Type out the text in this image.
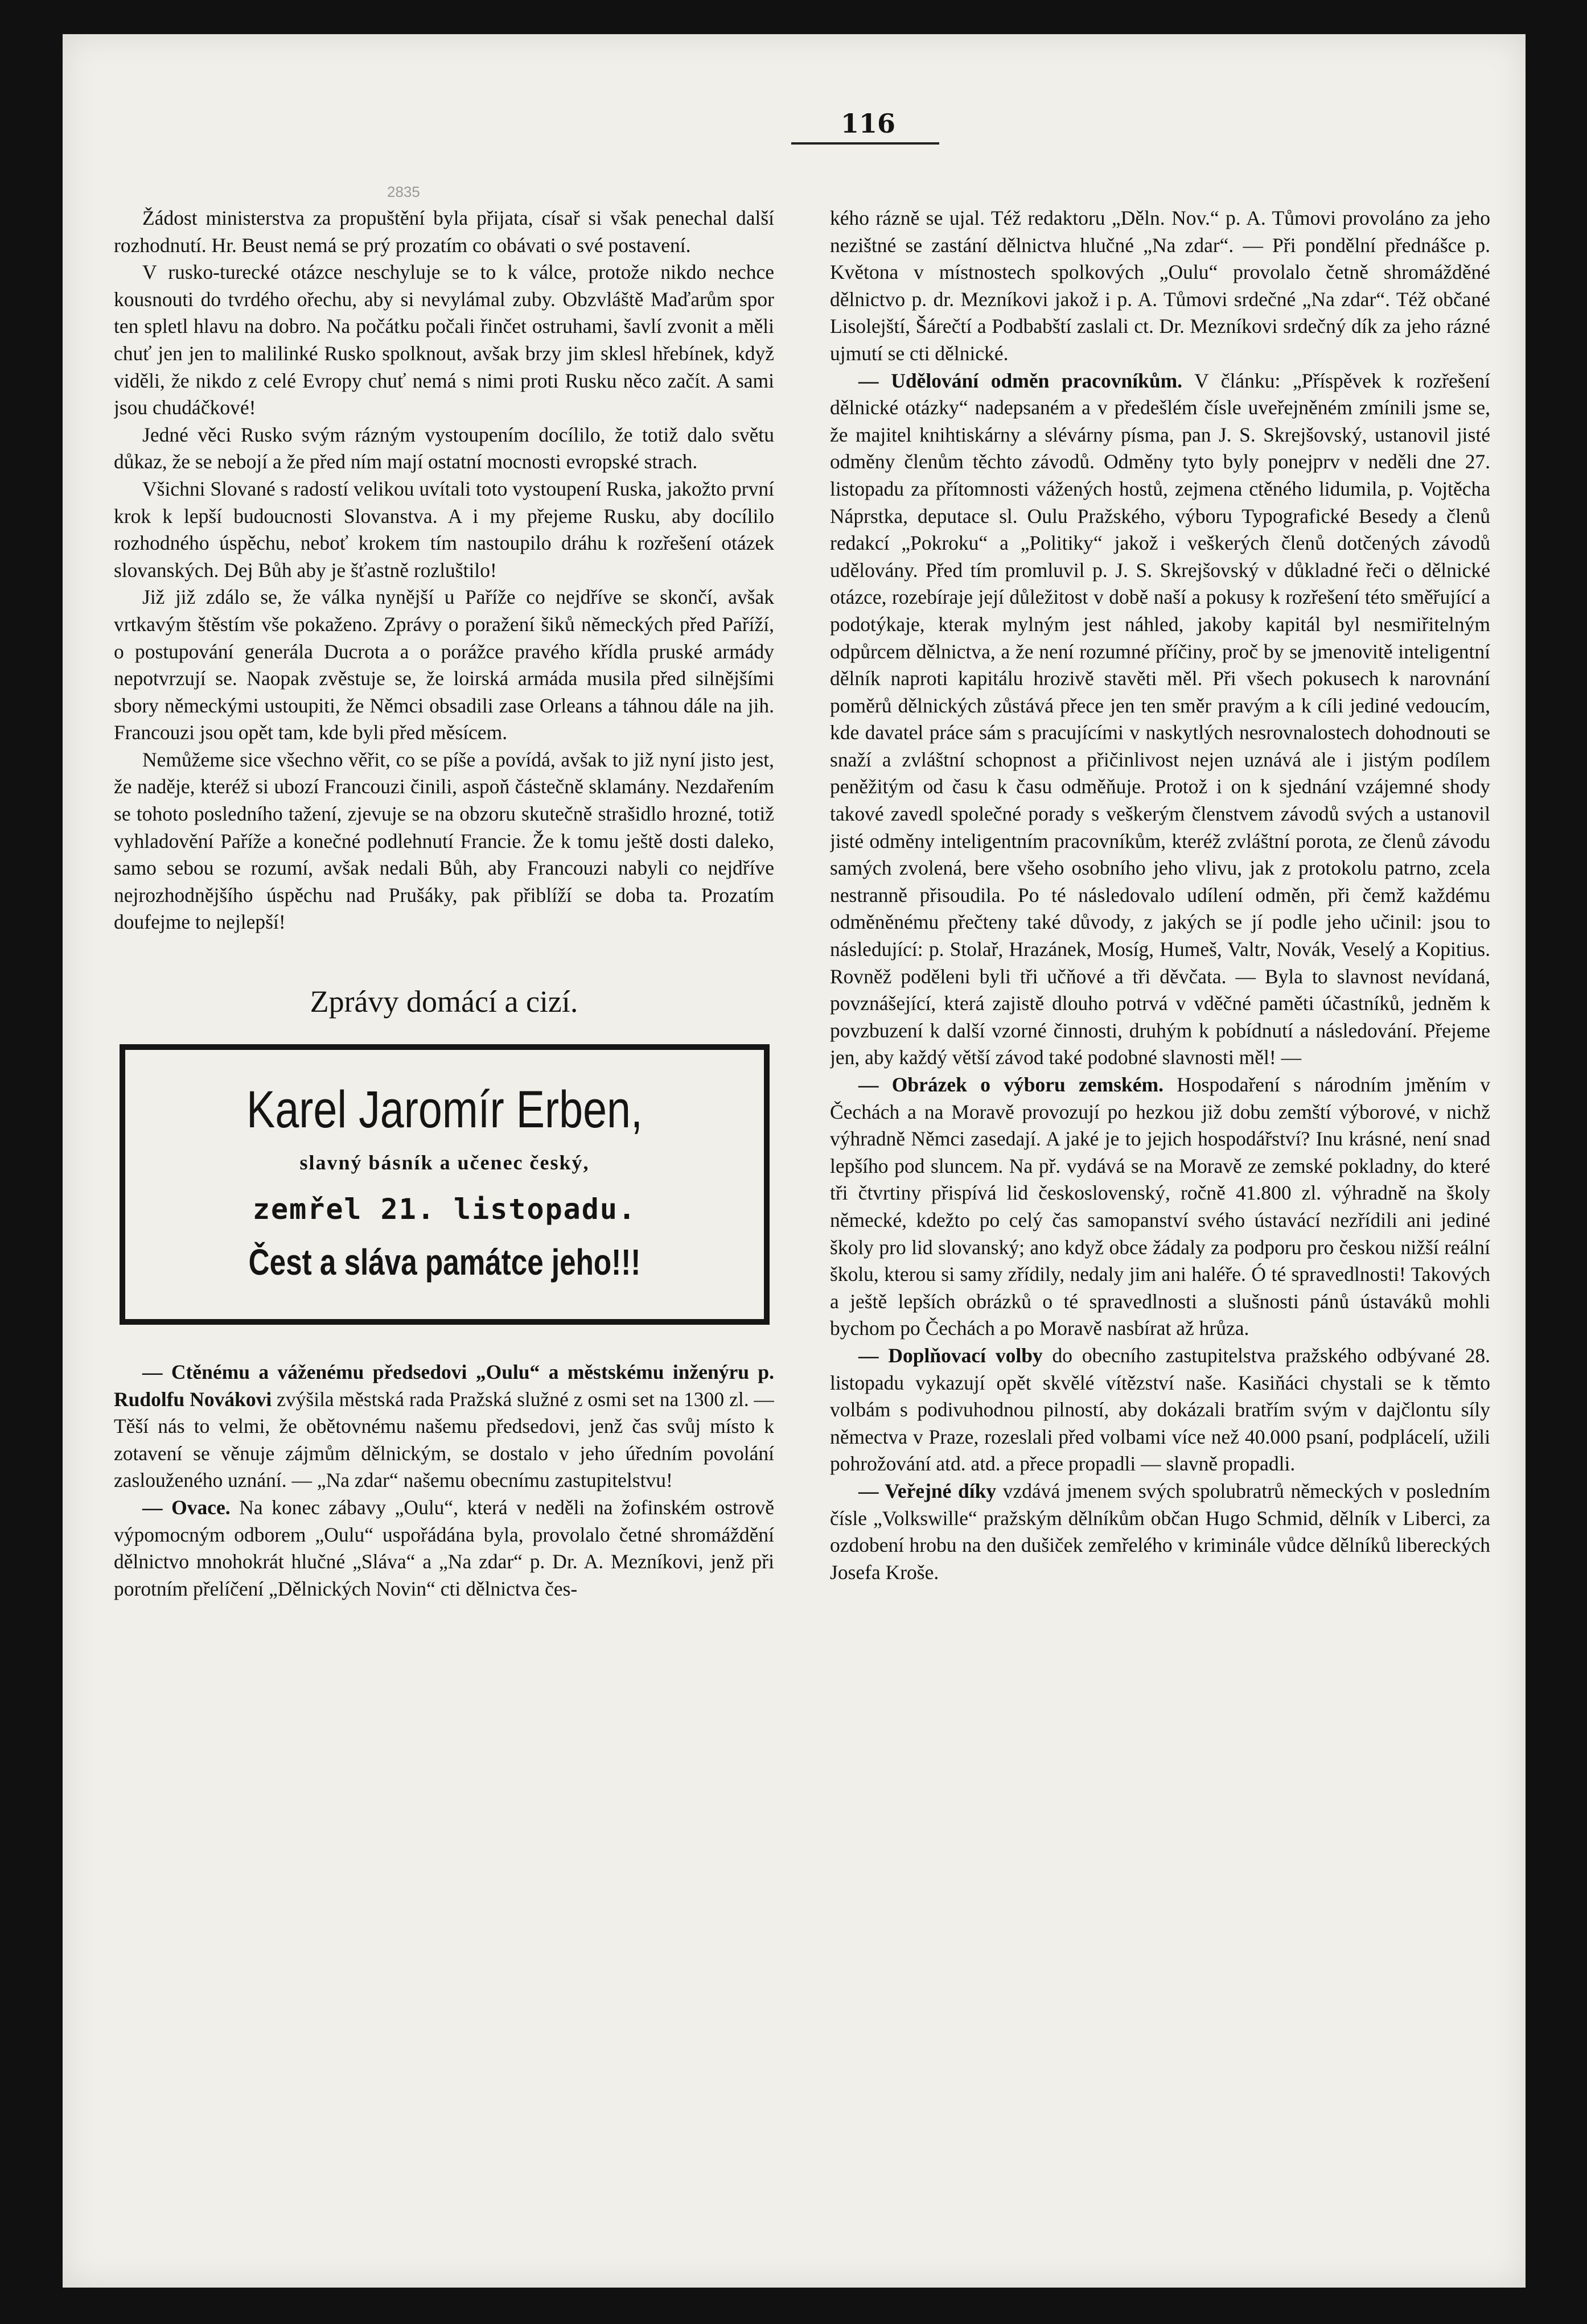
2835
116

Žádost ministerstva za propuštění byla přijata, císař si však penechal další rozhodnutí. Hr. Beust nemá se prý prozatím co obávati o své postavení.

V rusko-turecké otázce neschyluje se to k válce, protože nikdo nechce kousnouti do tvrdého ořechu, aby si nevylámal zuby. Obzvláště Maďarům spor ten spletl hlavu na dobro. Na počátku počali řinčet ostruhami, šavlí zvonit a měli chuť jen jen to malilinké Rusko spolknout, avšak brzy jim sklesl hřebínek, když viděli, že nikdo z celé Evropy chuť nemá s nimi proti Rusku něco začít. A sami jsou chudáčkové!

Jedné věci Rusko svým rázným vystoupením docílilo, že totiž dalo světu důkaz, že se nebojí a že před ním mají ostatní mocnosti evropské strach.

Všichni Slované s radostí velikou uvítali toto vystoupení Ruska, jakožto první krok k lepší budoucnosti Slovanstva. A i my přejeme Rusku, aby docílilo rozhodného úspěchu, neboť krokem tím nastoupilo dráhu k rozřešení otázek slovanských. Dej Bůh aby je šťastně rozluštilo!

Již již zdálo se, že válka nynější u Paříže co nejdříve se skončí, avšak vrtkavým štěstím vše pokaženo. Zprávy o poražení šiků německých před Paříží, o postupování generála Ducrota a o porážce pravého křídla pruské armády nepotvrzují se. Naopak zvěstuje se, že loirská armáda musila před silnějšími sbory německými ustoupiti, že Němci obsadili zase Orleans a táhnou dále na jih. Francouzi jsou opět tam, kde byli před měsícem.

Nemůžeme sice všechno věřit, co se píše a povídá, avšak to již nyní jisto jest, že naděje, kteréž si ubozí Francouzi činili, aspoň částečně sklamány. Nezdařením se tohoto posledního tažení, zjevuje se na obzoru skutečně strašidlo hrozné, totiž vyhladovění Paříže a konečné podlehnutí Francie. Že k tomu ještě dosti daleko, samo sebou se rozumí, avšak nedali Bůh, aby Francouzi nabyli co nejdříve nejrozhodnějšího úspěchu nad Prušáky, pak přiblíží se doba ta. Prozatím doufejme to nejlepší!

Zprávy domácí a cizí.
Karel Jaromír Erben,
slavný básník a učenec český,
zemřel 21. listopadu.
Čest a sláva památce jeho!!!

— Ctěnému a váženému předsedovi „Oulu“ a městskému inženýru p. Rudolfu Novákovi zvýšila městská rada Pražská služné z osmi set na 1300 zl. — Těší nás to velmi, že obětovnému našemu předsedovi, jenž čas svůj místo k zotavení se věnuje zájmům dělnickým, se dostalo v jeho úředním povolání zaslouženého uznání. — „Na zdar“ našemu obecnímu zastupitelstvu!

— Ovace. Na konec zábavy „Oulu“, která v neděli na žofinském ostrově výpomocným odborem „Oulu“ uspořádána byla, provolalo četné shromáždění dělnictvo mnohokrát hlučné „Sláva“ a „Na zdar“ p. Dr. A. Mezníkovi, jenž při porotním přelíčení „Dělnických Novin“ cti dělnictva čes-

kého rázně se ujal. Též redaktoru „Děln. Nov.“ p. A. Tůmovi provoláno za jeho nezištné se zastání dělnictva hlučné „Na zdar“. — Při pondělní přednášce p. Květona v místnostech spolkových „Oulu“ provolalo četně shromážděné dělnictvo p. dr. Mezníkovi jakož i p. A. Tůmovi srdečné „Na zdar“. Též občané Lisolejští, Šárečtí a Podbabští zaslali ct. Dr. Mezníkovi srdečný dík za jeho rázné ujmutí se cti dělnické.

— Udělování odměn pracovníkům. V článku: „Příspěvek k rozřešení dělnické otázky“ nadepsaném a v předešlém čísle uveřejněném zmínili jsme se, že majitel knihtiskárny a slévárny písma, pan J. S. Skrejšovský, ustanovil jisté odměny členům těchto závodů. Odměny tyto byly ponejprv v neděli dne 27. listopadu za přítomnosti vážených hostů, zejmena ctěného lidumila, p. Vojtěcha Náprstka, deputace sl. Oulu Pražského, výboru Typografické Besedy a členů redakcí „Pokroku“ a „Politiky“ jakož i veškerých členů dotčených závodů udělovány. Před tím promluvil p. J. S. Skrejšovský v důkladné řeči o dělnické otázce, rozebíraje její důležitost v době naší a pokusy k rozřešení této směřující a podotýkaje, kterak mylným jest náhled, jakoby kapitál byl nesmiřitelným odpůrcem dělnictva, a že není rozumné příčiny, proč by se jmenovitě inteligentní dělník naproti kapitálu hrozivě stavěti měl. Při všech pokusech k narovnání poměrů dělnických zůstává přece jen ten směr pravým a k cíli jediné vedoucím, kde davatel práce sám s pracujícími v naskytlých nesrovnalostech dohodnouti se snaží a zvláštní schopnost a přičinlivost nejen uznává ale i jistým podílem peněžitým od času k času odměňuje. Protož i on k sjednání vzájemné shody takové zavedl společné porady s veškerým členstvem závodů svých a ustanovil jisté odměny inteligentním pracovníkům, kteréž zvláštní porota, ze členů závodu samých zvolená, bere všeho osobního jeho vlivu, jak z protokolu patrno, zcela nestranně přisoudila. Po té následovalo udílení odměn, při čemž každému odměněnému přečteny také důvody, z jakých se jí podle jeho učinil: jsou to následující: p. Stolař, Hrazánek, Mosíg, Humeš, Valtr, Novák, Veselý a Kopitius. Rovněž poděleni byli tři učňové a tři děvčata. — Byla to slavnost nevídaná, povznášející, která zajistě dlouho potrvá v vděčné paměti účastníků, jedněm k povzbuzení k další vzorné činnosti, druhým k pobídnutí a následování. Přejeme jen, aby každý větší závod také podobné slavnosti měl! —

— Obrázek o výboru zemském. Hospodaření s národním jměním v Čechách a na Moravě provozují po hezkou již dobu zemští výborové, v nichž výhradně Němci zasedají. A jaké je to jejich hospodářství? Inu krásné, není snad lepšího pod sluncem. Na př. vydává se na Moravě ze zemské pokladny, do které tři čtvrtiny přispívá lid československý, ročně 41.800 zl. výhradně na školy německé, kdežto po celý čas samopanství svého ústavácí nezřídili ani jediné školy pro lid slovanský; ano když obce žádaly za podporu pro českou nižší reální školu, kterou si samy zřídily, nedaly jim ani haléře. Ó té spravedlnosti! Takových a ještě lepších obrázků o té spravedlnosti a slušnosti pánů ústaváků mohli bychom po Čechách a po Moravě nasbírat až hrůza.

— Doplňovací volby do obecního zastupitelstva pražského odbývané 28. listopadu vykazují opět skvělé vítězství naše. Kasiňáci chystali se k těmto volbám s podivuhodnou pilností, aby dokázali bratřím svým v dajčlontu síly němectva v Praze, rozeslali před volbami více než 40.000 psaní, podplácelí, užili pohrožování atd. atd. a přece propadli — slavně propadli.

— Veřejné díky vzdává jmenem svých spolubratrů německých v posledním čísle „Volkswille“ pražským dělníkům občan Hugo Schmid, dělník v Liberci, za ozdobení hrobu na den dušiček zemřelého v kriminále vůdce dělníků libereckých Josefa Kroše.
